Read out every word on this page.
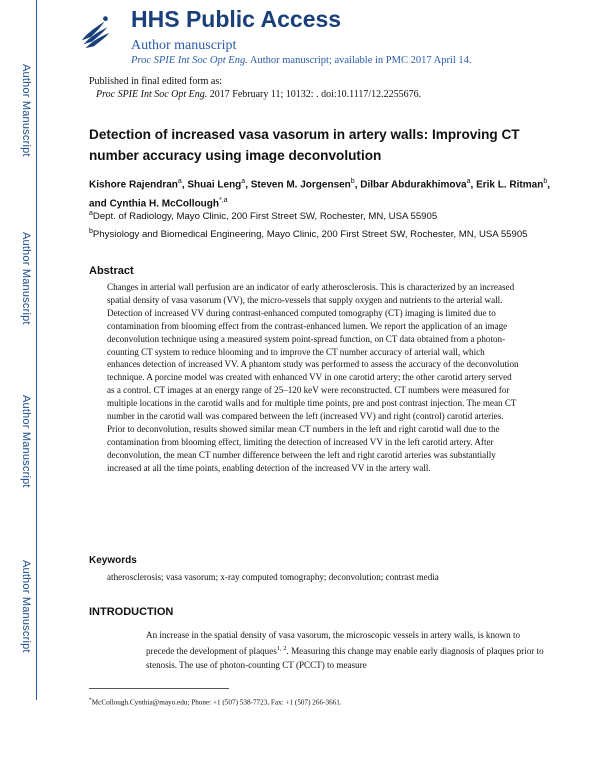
Author Manuscript
Author Manuscript
Author Manuscript
Author Manuscript
HHS Public Access
Author manuscript
Proc SPIE Int Soc Opt Eng. Author manuscript; available in PMC 2017 April 14.
Published in final edited form as:
Proc SPIE Int Soc Opt Eng. 2017 February 11; 10132: . doi:10.1117/12.2255676.
Detection of increased vasa vasorum in artery walls: Improving CT number accuracy using image deconvolution
Kishore Rajendran$^a$, Shuai Leng$^a$, Steven M. Jorgensen$^b$, Dilbar Abdurakhimova$^a$, Erik L. Ritman$^b$, and Cynthia H. McCollough$^{*,a}$
$^a$Dept. of Radiology, Mayo Clinic, 200 First Street SW, Rochester, MN, USA 55905
$^b$Physiology and Biomedical Engineering, Mayo Clinic, 200 First Street SW, Rochester, MN, USA 55905
Abstract
Changes in arterial wall perfusion are an indicator of early atherosclerosis. This is characterized by an increased spatial density of vasa vasorum (VV), the micro-vessels that supply oxygen and nutrients to the arterial wall. Detection of increased VV during contrast-enhanced computed tomography (CT) imaging is limited due to contamination from blooming effect from the contrast-enhanced lumen. We report the application of an image deconvolution technique using a measured system point-spread function, on CT data obtained from a photon-counting CT system to reduce blooming and to improve the CT number accuracy of arterial wall, which enhances detection of increased VV. A phantom study was performed to assess the accuracy of the deconvolution technique. A porcine model was created with enhanced VV in one carotid artery; the other carotid artery served as a control. CT images at an energy range of 25–120 keV were reconstructed. CT numbers were measured for multiple locations in the carotid walls and for multiple time points, pre and post contrast injection. The mean CT number in the carotid wall was compared between the left (increased VV) and right (control) carotid arteries. Prior to deconvolution, results showed similar mean CT numbers in the left and right carotid wall due to the contamination from blooming effect, limiting the detection of increased VV in the left carotid artery. After deconvolution, the mean CT number difference between the left and right carotid arteries was substantially increased at all the time points, enabling detection of the increased VV in the artery wall.
Keywords
atherosclerosis; vasa vasorum; x-ray computed tomography; deconvolution; contrast media
INTRODUCTION
An increase in the spatial density of vasa vasorum, the microscopic vessels in artery walls, is known to precede the development of plaques$^{1, 2}$. Measuring this change may enable early diagnosis of plaques prior to stenosis. The use of photon-counting CT (PCCT) to measure
*McCollough.Cynthia@mayo.edu; Phone: +1 (507) 538-7723, Fax: +1 (507) 266-3661.
